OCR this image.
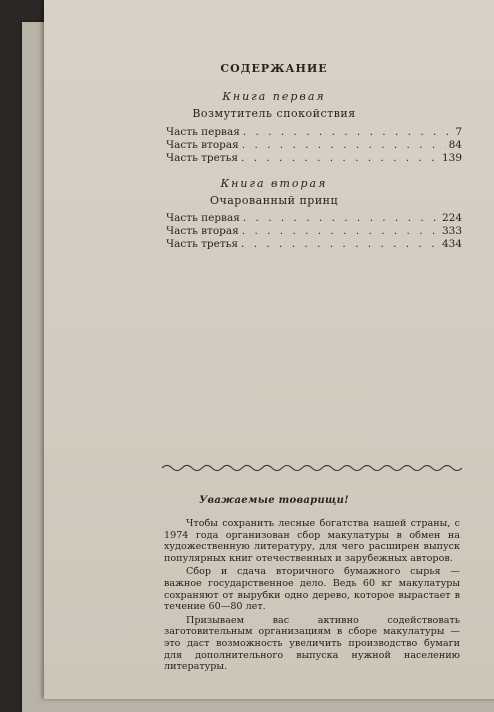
СОДЕРЖАНИЕ
Книга первая
Возмутитель спокойствия
Часть первая . . .	7
Часть вторая . . .	84
Часть третья . . .	139
Книга вторая
Очарованный принц
Часть первая . . .	224
Часть вторая . . .	333
Часть третья . . .	434
Уважаемые товарищи!

Чтобы сохранить лесные богатства нашей страны, с 1974 года организован сбор макулатуры в обмен на художественную литературу, для чего расширен выпуск популярных книг отечественных и зарубежных авторов.

Сбор и сдача вторичного бумажного сырья — важное государственное дело. Ведь 60 кг макулатуры сохраняют от вырубки одно дерево, которое вырастает в течение 60—80 лет.

Призываем вас активно содействовать заготовительным организациям в сборе макулатуры — это даст возможность увеличить производство бумаги для дополнительного выпуска нужной населению литературы.
